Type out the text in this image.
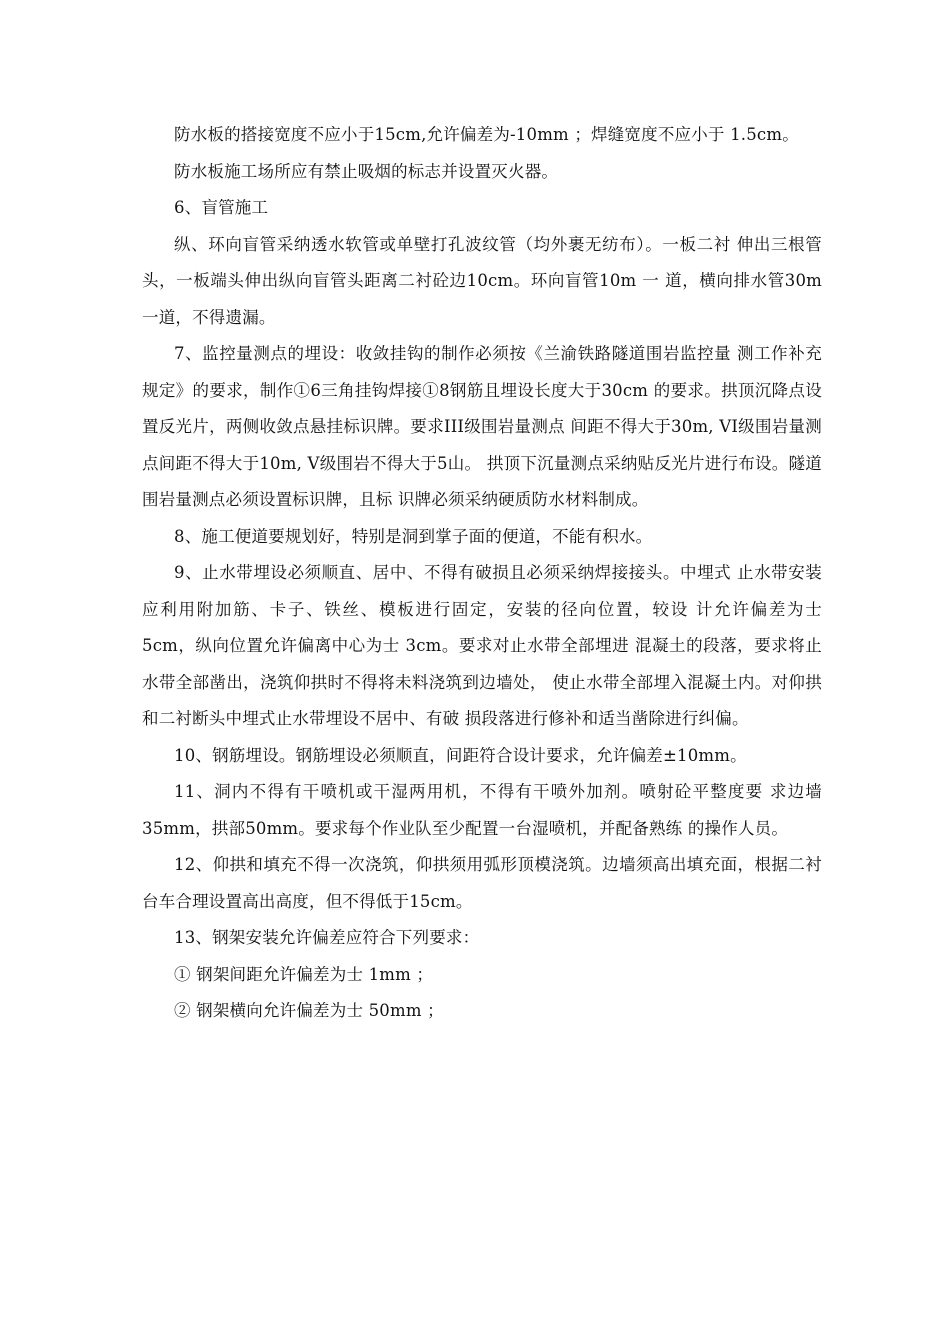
防水板的搭接宽度不应小于15cm,允许偏差为-10mm ；焊缝宽度不应小于 1.5cm。

防水板施工场所应有禁止吸烟的标志并设置灭火器。

6、盲管施工

纵、环向盲管采纳透水软管或单壁打孔波纹管（均外裹无纺布）。一板二衬 伸出三根管头，一板端头伸出纵向盲管头距离二衬砼边10cm。环向盲管10m 一 道，横向排水管30m 一道，不得遗漏。

7、监控量测点的埋设：收敛挂钩的制作必须按《兰渝铁路隧道围岩监控量 测工作补充规定》的要求，制作①6三角挂钩焊接①8钢筋且埋设长度大于30cm 的要求。拱顶沉降点设置反光片，两侧收敛点悬挂标识牌。要求III级围岩量测点 间距不得大于30m, VI级围岩量测点间距不得大于10m, V级围岩不得大于5山。 拱顶下沉量测点采纳贴反光片进行布设。隧道围岩量测点必须设置标识牌，且标 识牌必须采纳硬质防水材料制成。

8、施工便道要规划好，特别是洞到掌子面的便道，不能有积水。

9、止水带埋设必须顺直、居中、不得有破损且必须采纳焊接接头。中埋式 止水带安装应利用附加筋、卡子、铁丝、模板进行固定，安装的径向位置，较设 计允许偏差为士 5cm，纵向位置允许偏离中心为士 3cm。要求对止水带全部埋进 混凝土的段落，要求将止水带全部凿出，浇筑仰拱时不得将未料浇筑到边墙处， 使止水带全部埋入混凝土内。对仰拱和二衬断头中埋式止水带埋设不居中、有破 损段落进行修补和适当凿除进行纠偏。

10、钢筋埋设。钢筋埋设必须顺直，间距符合设计要求，允许偏差±10mm。

11、洞内不得有干喷机或干湿两用机，不得有干喷外加剂。喷射砼平整度要 求边墙35mm，拱部50mm。要求每个作业队至少配置一台湿喷机，并配备熟练 的操作人员。

12、仰拱和填充不得一次浇筑，仰拱须用弧形顶模浇筑。边墙须高出填充面，根据二衬台车合理设置高出高度，但不得低于15cm。

13、钢架安装允许偏差应符合下列要求：

① 钢架间距允许偏差为士 1mm ；

② 钢架横向允许偏差为士 50mm ；
